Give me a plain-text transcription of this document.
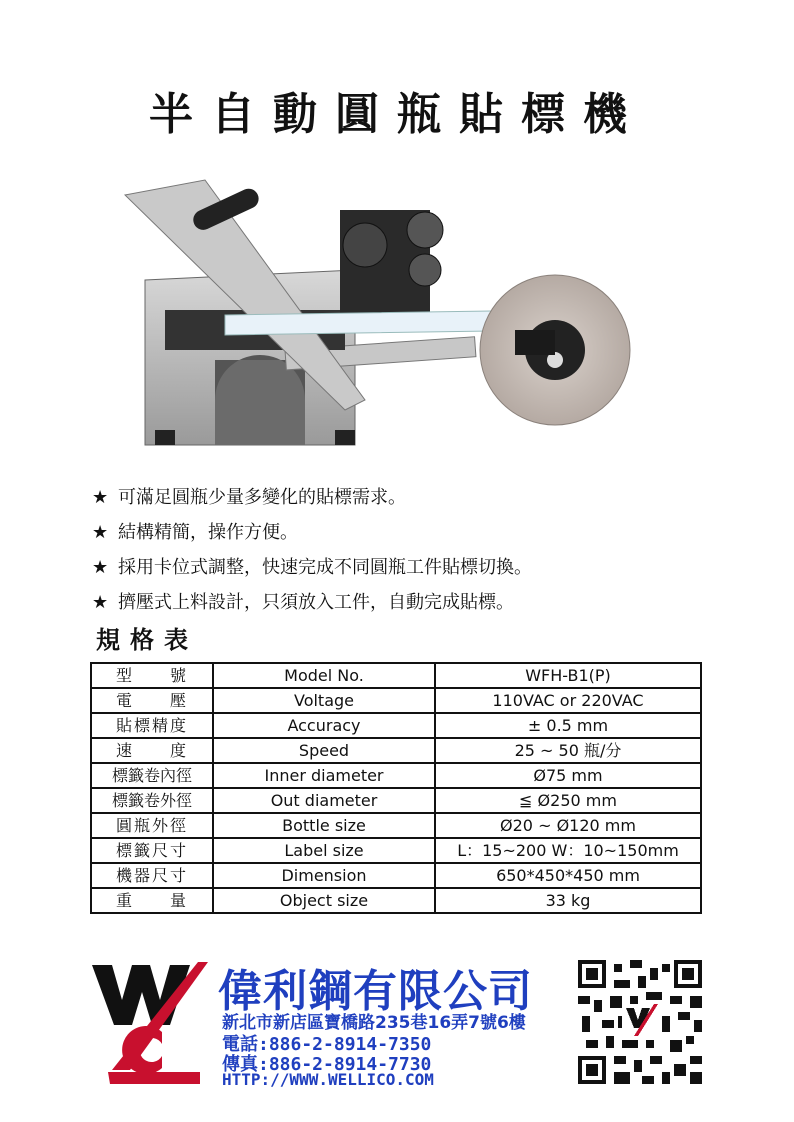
半自動圓瓶貼標機
★ 可滿足圓瓶少量多變化的貼標需求。
★ 結構精簡，操作方便。
★ 採用卡位式調整，快速完成不同圓瓶工件貼標切換。
★ 擠壓式上料設計，只須放入工件，自動完成貼標。
規格表
型　　號	Model No.	WFH-B1(P)
電　　壓	Voltage	110VAC or 220VAC
貼標精度	Accuracy	± 0.5 mm
速　　度	Speed	25 ~ 50 瓶/分
標籤卷內徑	Inner diameter	Ø75 mm
標籤卷外徑	Out diameter	≦ Ø250 mm
圓瓶外徑	Bottle size	Ø20 ~ Ø120 mm
標籤尺寸	Label size	L：15~200 W：10~150mm
機器尺寸	Dimension	650*450*450 mm
重　　量	Object size	33 kg
偉利鋼有限公司
新北市新店區寶橋路235巷16弄7號6樓
電話:886-2-8914-7350
傳真:886-2-8914-7730
HTTP://WWW.WELLICO.COM
